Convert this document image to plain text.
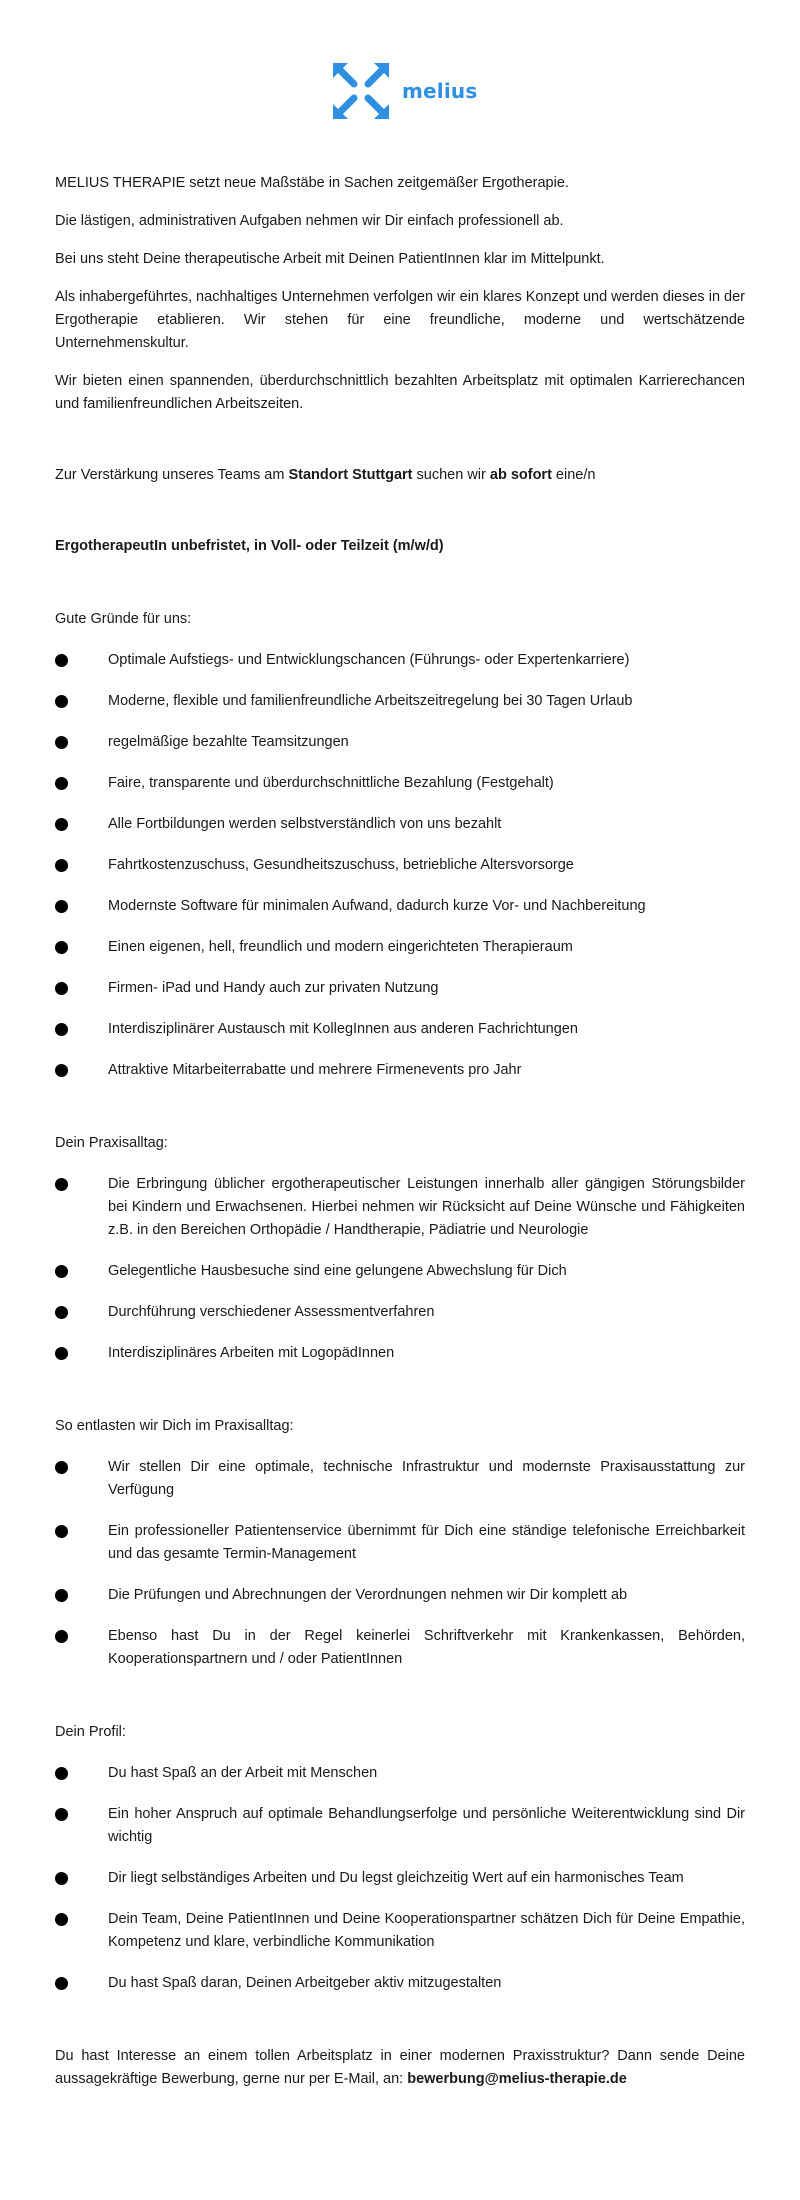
melius

MELIUS THERAPIE setzt neue Maßstäbe in Sachen zeitgemäßer Ergotherapie.

Die lästigen, administrativen Aufgaben nehmen wir Dir einfach professionell ab.

Bei uns steht Deine therapeutische Arbeit mit Deinen PatientInnen klar im Mittelpunkt.

Als inhabergeführtes, nachhaltiges Unternehmen verfolgen wir ein klares Konzept und werden dieses in der Ergotherapie etablieren. Wir stehen für eine freundliche, moderne und wertschätzende Unternehmenskultur.

Wir bieten einen spannenden, überdurchschnittlich bezahlten Arbeitsplatz mit optimalen Karrierechancen und familienfreundlichen Arbeitszeiten.

Zur Verstärkung unseres Teams am Standort Stuttgart suchen wir ab sofort eine/n

ErgotherapeutIn unbefristet, in Voll- oder Teilzeit (m/w/d)

Gute Gründe für uns:

Optimale Aufstiegs- und Entwicklungschancen (Führungs- oder Expertenkarriere)
Moderne, flexible und familienfreundliche Arbeitszeitregelung bei 30 Tagen Urlaub
regelmäßige bezahlte Teamsitzungen
Faire, transparente und überdurchschnittliche Bezahlung (Festgehalt)
Alle Fortbildungen werden selbstverständlich von uns bezahlt
Fahrtkostenzuschuss, Gesundheitszuschuss, betriebliche Altersvorsorge
Modernste Software für minimalen Aufwand, dadurch kurze Vor- und Nachbereitung
Einen eigenen, hell, freundlich und modern eingerichteten Therapieraum
Firmen- iPad und Handy auch zur privaten Nutzung
Interdisziplinärer Austausch mit KollegInnen aus anderen Fachrichtungen
Attraktive Mitarbeiterrabatte und mehrere Firmenevents pro Jahr

Dein Praxisalltag:

Die Erbringung üblicher ergotherapeutischer Leistungen innerhalb aller gängigen Störungsbilder bei Kindern und Erwachsenen. Hierbei nehmen wir Rücksicht auf Deine Wünsche und Fähigkeiten z.B. in den Bereichen Orthopädie / Handtherapie, Pädiatrie und Neurologie
Gelegentliche Hausbesuche sind eine gelungene Abwechslung für Dich
Durchführung verschiedener Assessmentverfahren
Interdisziplinäres Arbeiten mit LogopädInnen

So entlasten wir Dich im Praxisalltag:

Wir stellen Dir eine optimale, technische Infrastruktur und modernste Praxisausstattung zur Verfügung
Ein professioneller Patientenservice übernimmt für Dich eine ständige telefonische Erreichbarkeit und das gesamte Termin-Management
Die Prüfungen und Abrechnungen der Verordnungen nehmen wir Dir komplett ab
Ebenso hast Du in der Regel keinerlei Schriftverkehr mit Krankenkassen, Behörden, Kooperationspartnern und / oder PatientInnen

Dein Profil:

Du hast Spaß an der Arbeit mit Menschen
Ein hoher Anspruch auf optimale Behandlungserfolge und persönliche Weiterentwicklung sind Dir wichtig
Dir liegt selbständiges Arbeiten und Du legst gleichzeitig Wert auf ein harmonisches Team
Dein Team, Deine PatientInnen und Deine Kooperationspartner schätzen Dich für Deine Empathie, Kompetenz und klare, verbindliche Kommunikation
Du hast Spaß daran, Deinen Arbeitgeber aktiv mitzugestalten

Du hast Interesse an einem tollen Arbeitsplatz in einer modernen Praxisstruktur? Dann sende Deine aussagekräftige Bewerbung, gerne nur per E-Mail, an: bewerbung@melius-therapie.de
